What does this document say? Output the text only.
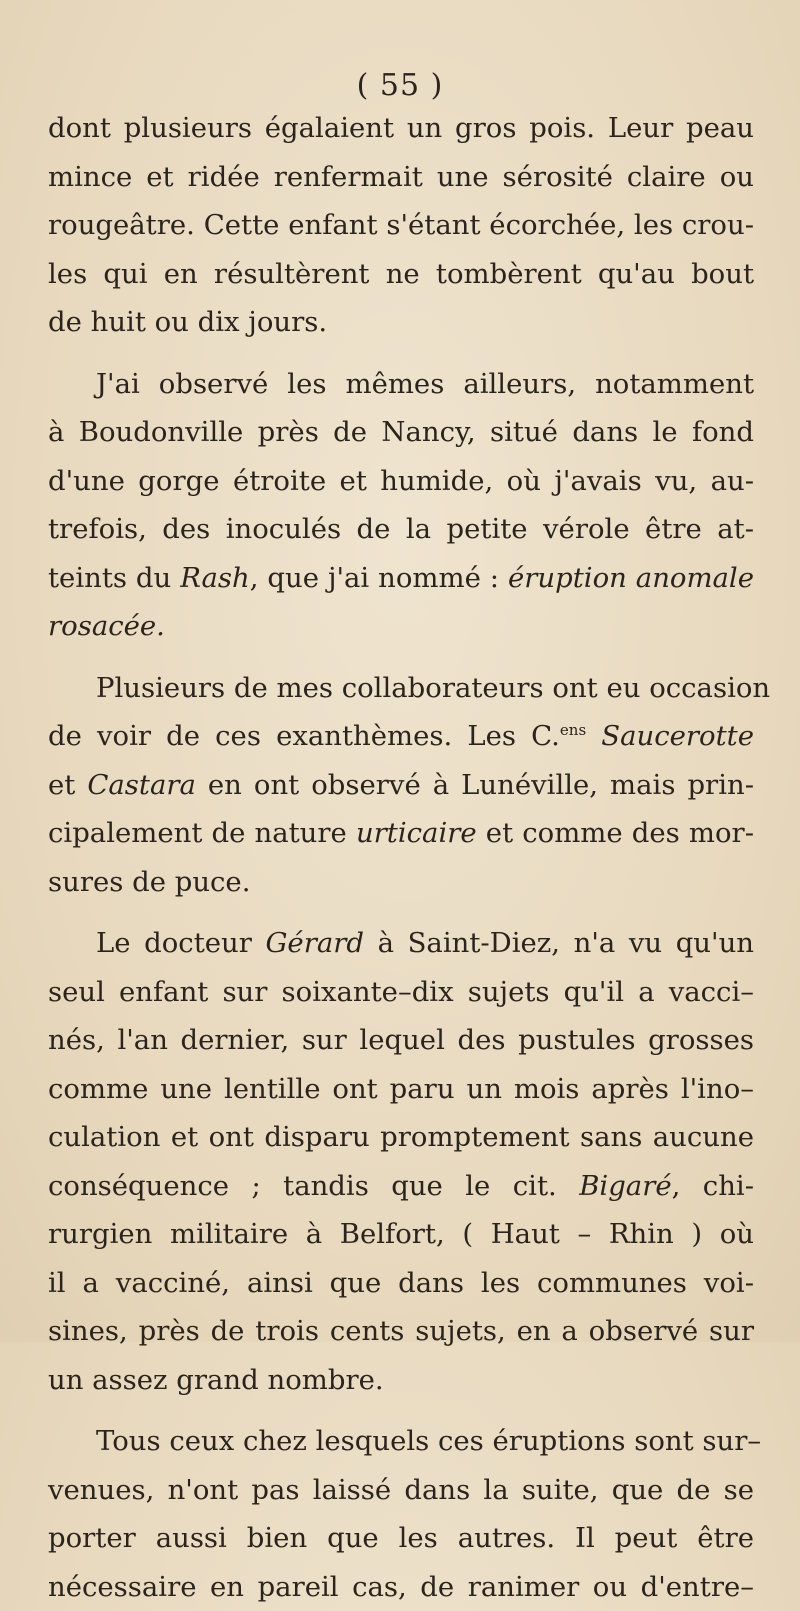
( 55 )
dont plusieurs égalaient un gros pois. Leur peau
mince et ridée renfermait une sérosité claire ou
rougeâtre. Cette enfant s'étant écorchée, les crou-
les qui en résultèrent ne tombèrent qu'au bout
de huit ou dix jours.
J'ai observé les mêmes ailleurs, notamment
à Boudonville près de Nancy, situé dans le fond
d'une gorge étroite et humide, où j'avais vu, au-
trefois, des inoculés de la petite vérole être at-
teints du Rash, que j'ai nommé : éruption anomale
rosacée.
Plusieurs de mes collaborateurs ont eu occasion
de voir de ces exanthèmes. Les C.$^{ens}$ Saucerotte
et Castara en ont observé à Lunéville, mais prin-
cipalement de nature urticaire et comme des mor-
sures de puce.
Le docteur Gérard à Saint-Diez, n'a vu qu'un
seul enfant sur soixante–dix sujets qu'il a vacci–
nés, l'an dernier, sur lequel des pustules grosses
comme une lentille ont paru un mois après l'ino–
culation et ont disparu promptement sans aucune
conséquence ; tandis que le cit. Bigaré, chi-
rurgien militaire à Belfort, ( Haut – Rhin ) où
il a vacciné, ainsi que dans les communes voi-
sines, près de trois cents sujets, en a observé sur
un assez grand nombre.
Tous ceux chez lesquels ces éruptions sont sur–
venues, n'ont pas laissé dans la suite, que de se
porter aussi bien que les autres. Il peut être
nécessaire en pareil cas, de ranimer ou d'entre–
